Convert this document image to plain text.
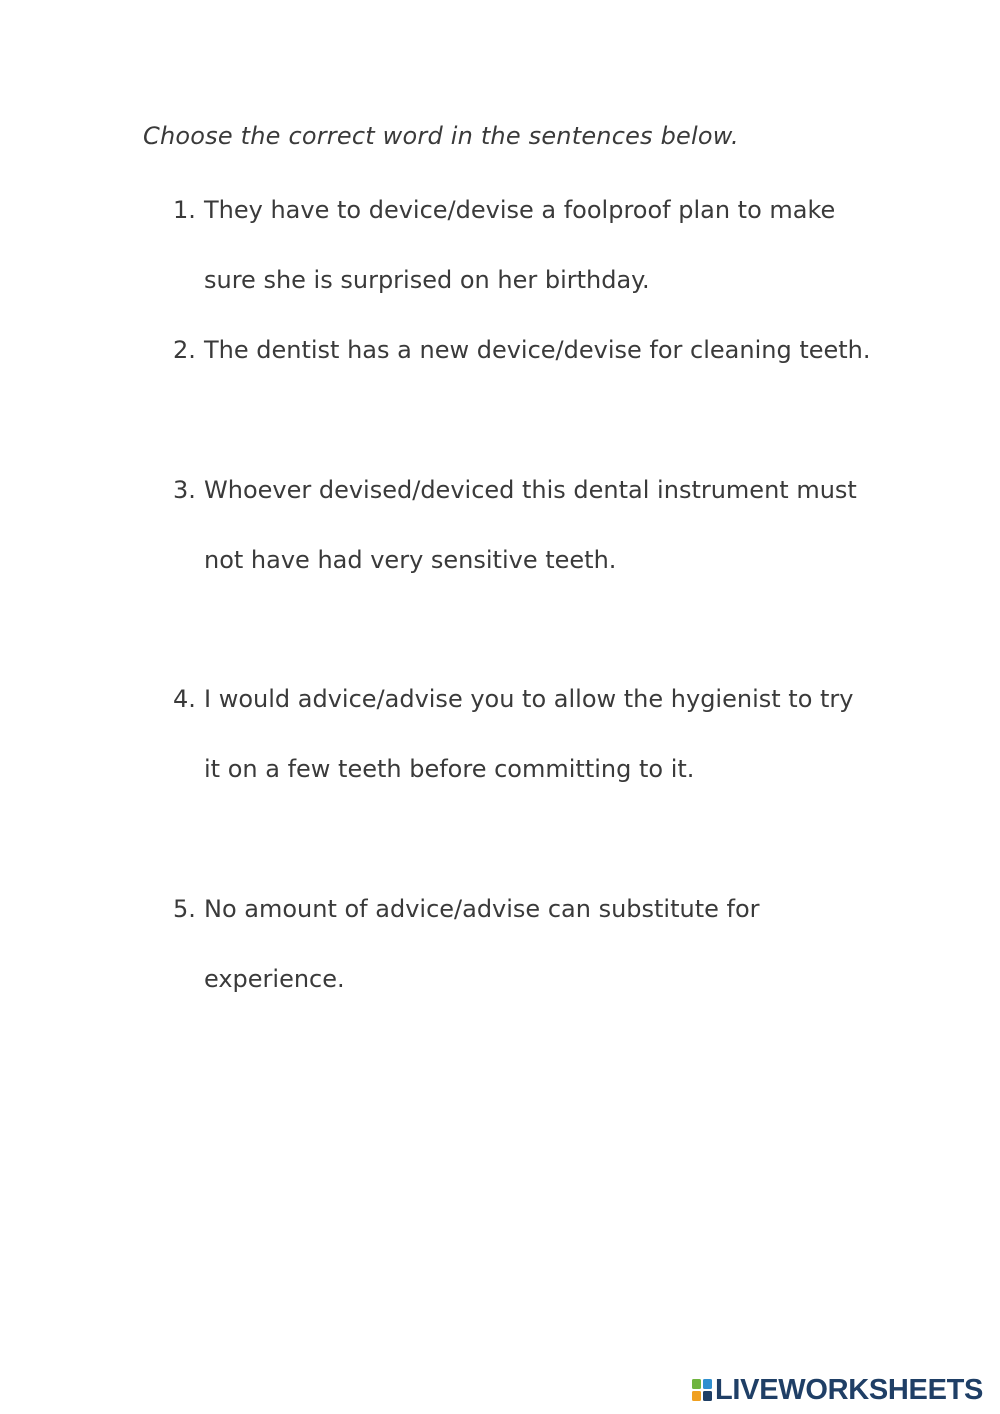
Choose the correct word in the sentences below.
1. They have to device/devise a foolproof plan to make sure she is surprised on her birthday.
2. The dentist has a new device/devise for cleaning teeth.
3. Whoever devised/deviced this dental instrument must not have had very sensitive teeth.
4. I would advice/advise you to allow the hygienist to try it on a few teeth before committing to it.
5. No amount of advice/advise can substitute for experience.
LIVEWORKSHEETS
